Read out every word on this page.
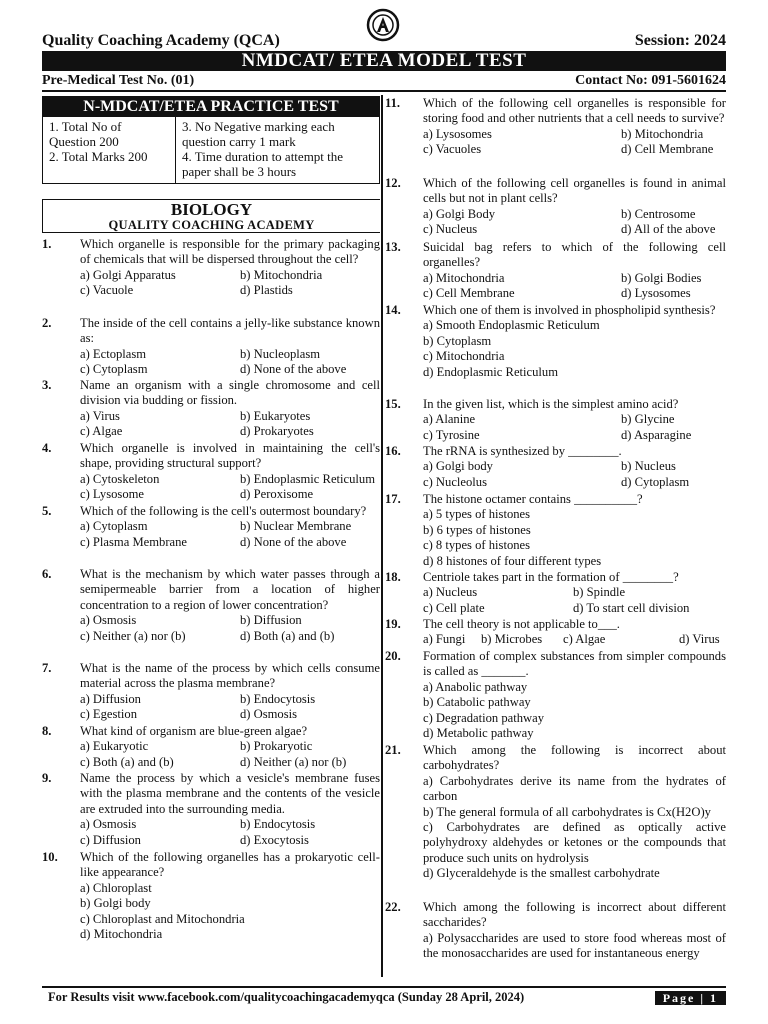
Quality Coaching Academy (QCA)	Session: 2024
NMDCAT/ ETEA MODEL TEST
Pre-Medical Test No. (01)	Contact No: 091-5601624
N-MDCAT/ETEA PRACTICE TEST
1. Total No of Question 200
2. Total Marks 200
3. No Negative marking each question carry 1 mark
4. Time duration to attempt the paper shall be 3 hours
BIOLOGY
QUALITY COACHING ACADEMY
1. Which organelle is responsible for the primary packaging of chemicals that will be dispersed throughout the cell?
a) Golgi Apparatus	b) Mitochondria
c) Vacuole	d) Plastids
2. The inside of the cell contains a jelly-like substance known as:
a) Ectoplasm	b) Nucleoplasm
c) Cytoplasm	d) None of the above
3. Name an organism with a single chromosome and cell division via budding or fission.
a) Virus	b) Eukaryotes
c) Algae	d) Prokaryotes
4. Which organelle is involved in maintaining the cell's shape, providing structural support?
a) Cytoskeleton	b) Endoplasmic Reticulum
c) Lysosome	d) Peroxisome
5. Which of the following is the cell's outermost boundary?
a) Cytoplasm	b) Nuclear Membrane
c) Plasma Membrane	d) None of the above
6. What is the mechanism by which water passes through a semipermeable barrier from a location of higher concentration to a region of lower concentration?
a) Osmosis	b) Diffusion
c) Neither (a) nor (b)	d) Both (a) and (b)
7. What is the name of the process by which cells consume material across the plasma membrane?
a) Diffusion	b) Endocytosis
c) Egestion	d) Osmosis
8. What kind of organism are blue-green algae?
a) Eukaryotic	b) Prokaryotic
c) Both (a) and (b)	d) Neither (a) nor (b)
9. Name the process by which a vesicle's membrane fuses with the plasma membrane and the contents of the vesicle are extruded into the surrounding media.
a) Osmosis	b) Endocytosis
c) Diffusion	d) Exocytosis
10. Which of the following organelles has a prokaryotic cell-like appearance?
a) Chloroplast
b) Golgi body
c) Chloroplast and Mitochondria
d) Mitochondria
11. Which of the following cell organelles is responsible for storing food and other nutrients that a cell needs to survive?
a) Lysosomes	b) Mitochondria
c) Vacuoles	d) Cell Membrane
12. Which of the following cell organelles is found in animal cells but not in plant cells?
a) Golgi Body	b) Centrosome
c) Nucleus	d) All of the above
13. Suicidal bag refers to which of the following cell organelles?
a) Mitochondria	b) Golgi Bodies
c) Cell Membrane	d) Lysosomes
14. Which one of them is involved in phospholipid synthesis?
a) Smooth Endoplasmic Reticulum
b) Cytoplasm
c) Mitochondria
d) Endoplasmic Reticulum
15. In the given list, which is the simplest amino acid?
a) Alanine	b) Glycine
c) Tyrosine	d) Asparagine
16. The rRNA is synthesized by ________.
a) Golgi body	b) Nucleus
c) Nucleolus	d) Cytoplasm
17. The histone octamer contains __________?
a) 5 types of histones
b) 6 types of histones
c) 8 types of histones
d) 8 histones of four different types
18. Centriole takes part in the formation of ________?
a) Nucleus	b) Spindle
c) Cell plate	d) To start cell division
19. The cell theory is not applicable to___.
a) Fungi	b) Microbes	c) Algae	d) Virus
20. Formation of complex substances from simpler compounds is called as _______.
a) Anabolic pathway
b) Catabolic pathway
c) Degradation pathway
d) Metabolic pathway
21. Which among the following is incorrect about carbohydrates?
a) Carbohydrates derive its name from the hydrates of carbon
b) The general formula of all carbohydrates is Cx(H2O)y
c) Carbohydrates are defined as optically active polyhydroxy aldehydes or ketones or the compounds that produce such units on hydrolysis
d) Glyceraldehyde is the smallest carbohydrate
22. Which among the following is incorrect about different saccharides?
a) Polysaccharides are used to store food whereas most of the monosaccharides are used for instantaneous energy
For Results visit www.facebook.com/qualitycoachingacademyqca (Sunday 28 April, 2024)	Page | 1
